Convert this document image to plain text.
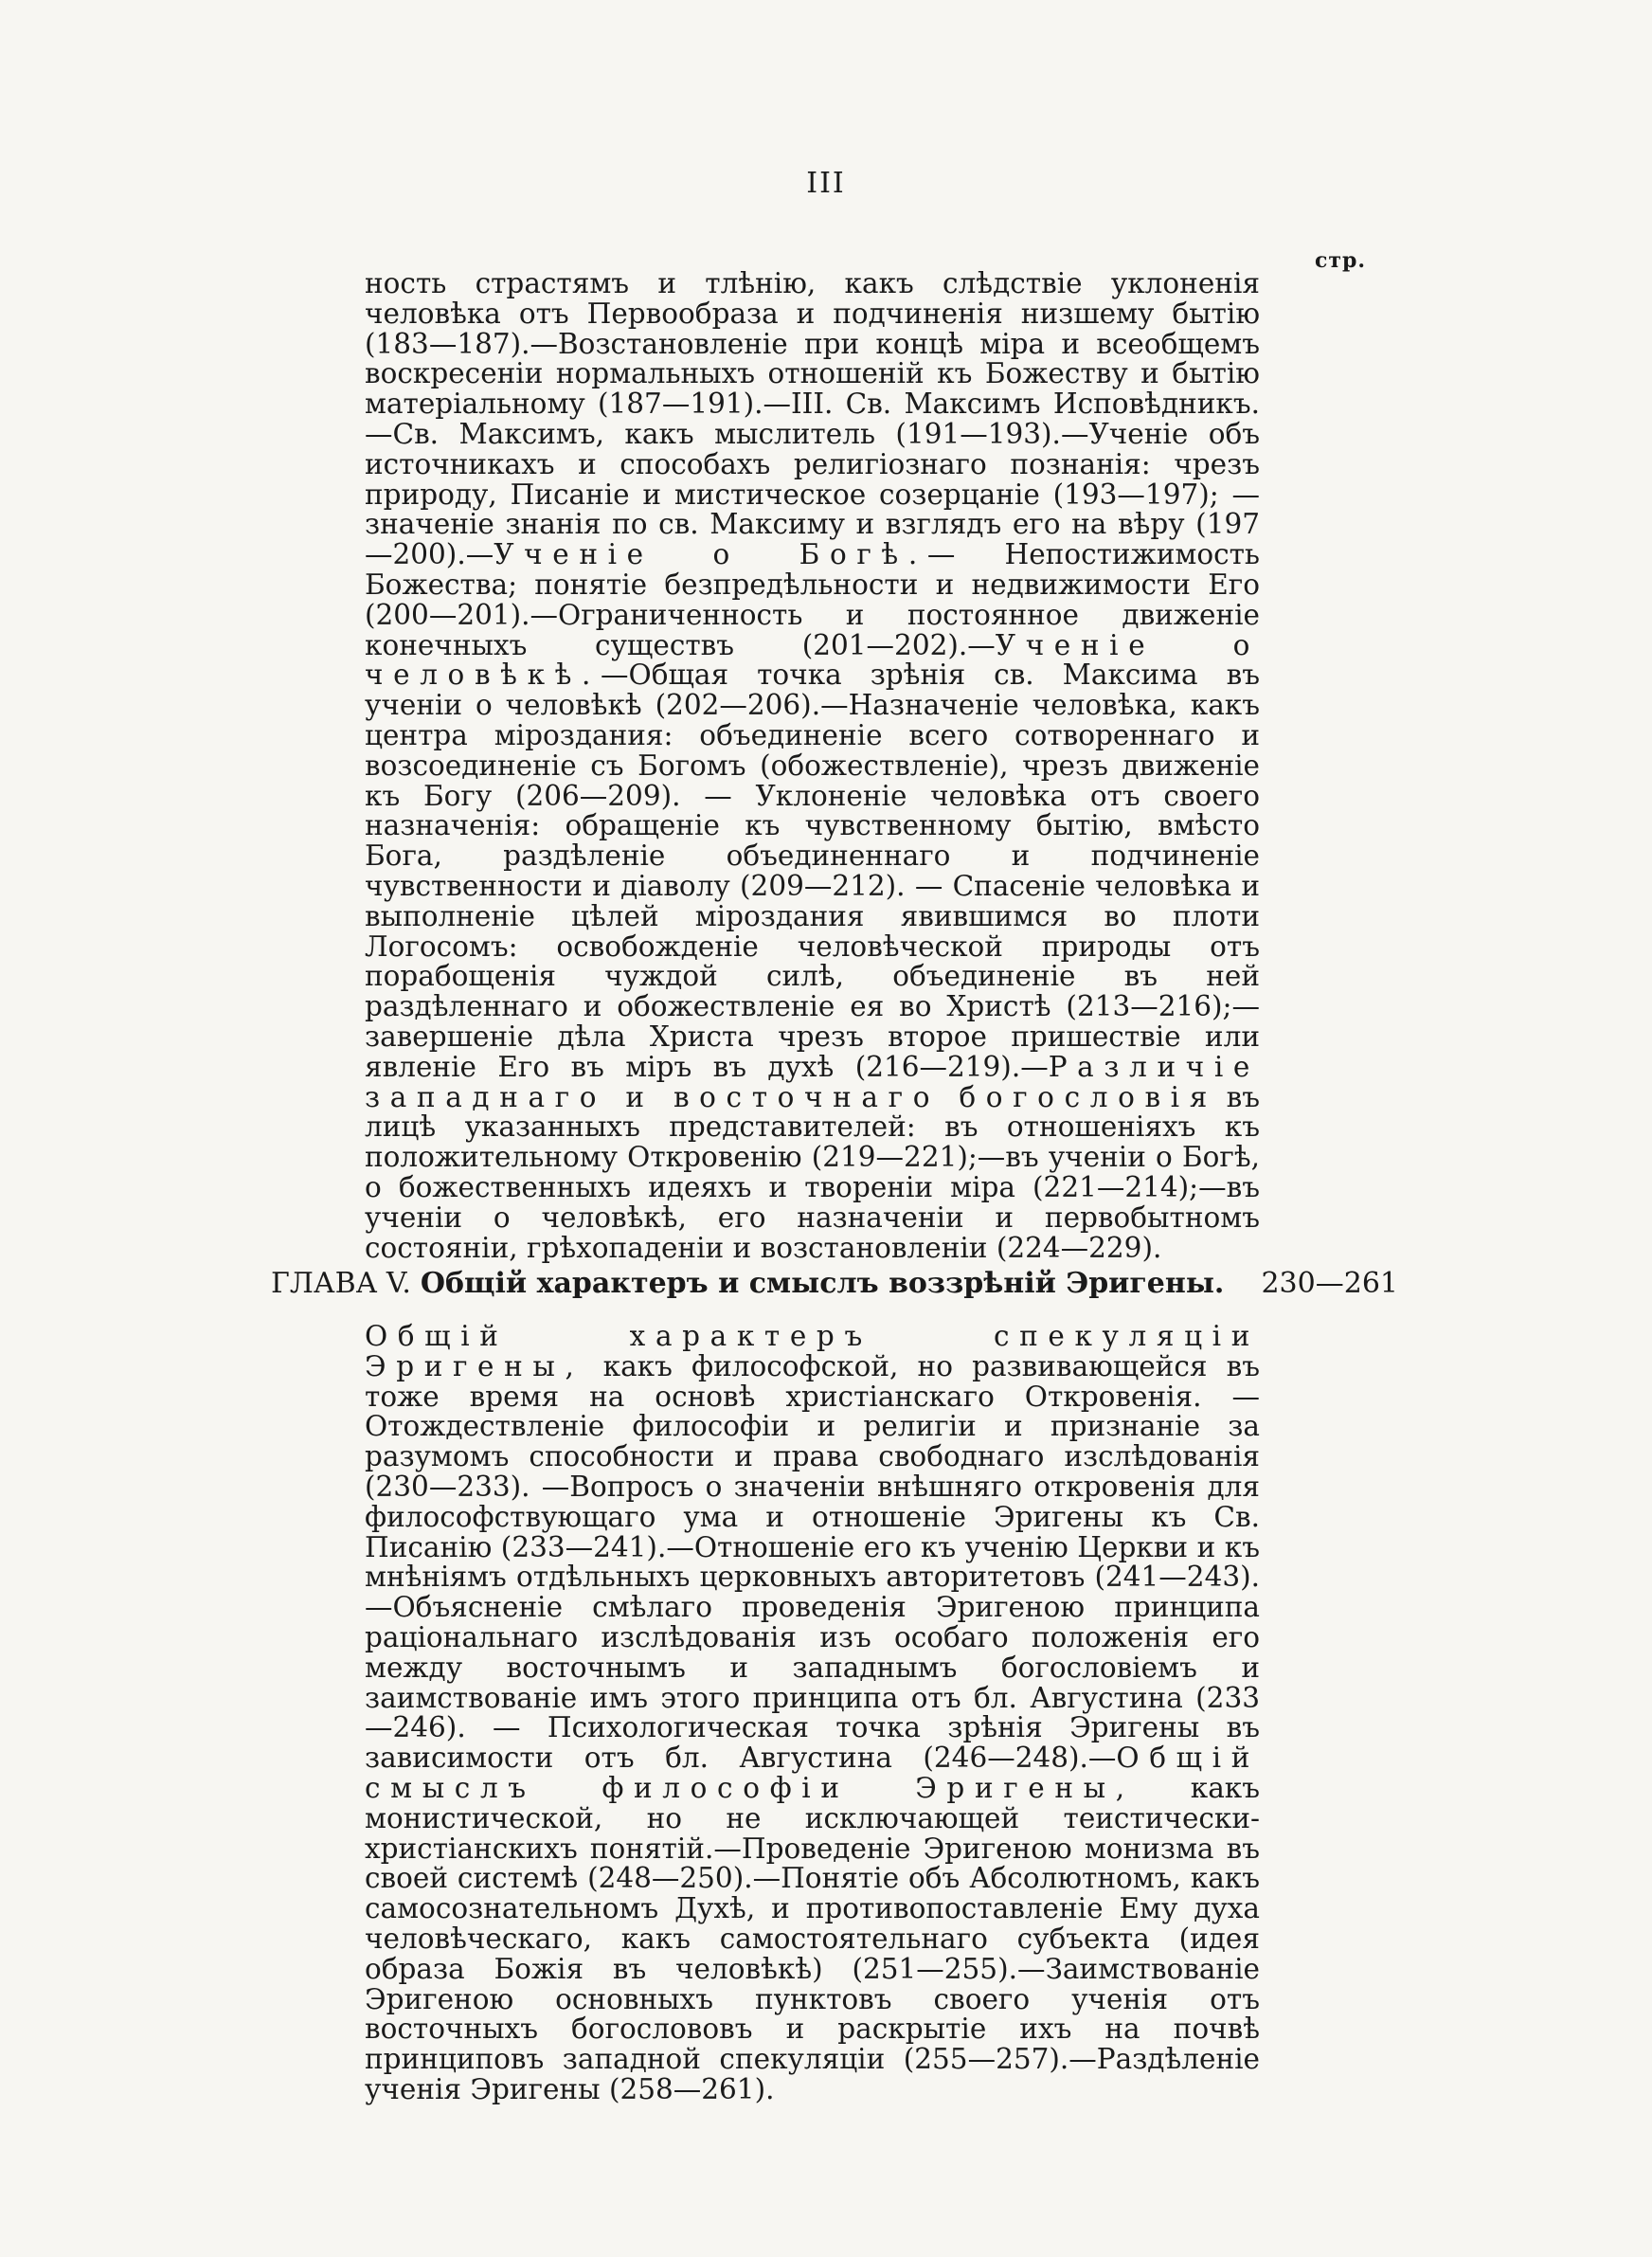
III
стр.
ность страстямъ и тлѣнію, какъ слѣдствіе уклоненія человѣка отъ Первообраза и подчиненія низшему бытію (183—187).—Возстановленіе при концѣ міра и всеобщемъ воскресеніи нормальныхъ отношеній къ Божеству и бытію матеріальному (187—191).—III. Св. Максимъ Исповѣдникъ.—Св. Максимъ, какъ мыслитель (191—193).—Ученіе объ источникахъ и способахъ религіознаго познанія: чрезъ природу, Писаніе и мистическое созерцаніе (193—197); — значеніе знанія по св. Максиму и взглядъ его на вѣру (197—200).—Ученіе о Богѣ.— Непостижимость Божества; понятіе безпредѣльности и недвижимости Его (200—201).—Ограниченность и постоянное движеніе конечныхъ существъ (201—202).—Ученіе о человѣкѣ.—Общая точка зрѣнія св. Максима въ ученіи о человѣкѣ (202—206).—Назначеніе человѣка, какъ центра міроздания: объединеніе всего сотвореннаго и возсоединеніе съ Богомъ (обожествленіе), чрезъ движеніе къ Богу (206—209). — Уклоненіе человѣка отъ своего назначенія: обращеніе къ чувственному бытію, вмѣсто Бога, раздѣленіе объединеннаго и подчиненіе чувственности и діаволу (209—212). — Спасеніе человѣка и выполненіе цѣлей міроздания явившимся во плоти Логосомъ: освобожденіе человѣческой природы отъ порабощенія чуждой силѣ, объединеніе въ ней раздѣленнаго и обожествленіе ея во Христѣ (213—216);—завершеніе дѣла Христа чрезъ второе пришествіе или явленіе Его въ міръ въ духѣ (216—219).—Различіе западнаго и восточнаго богословія въ лицѣ указанныхъ представителей: въ отношеніяхъ къ положительному Откровенію (219—221);—въ ученіи о Богѣ, о божественныхъ идеяхъ и твореніи міра (221—214);—въ ученіи о человѣкѣ, его назначеніи и первобытномъ состояніи, грѣхопаденіи и возстановленіи (224—229).
ГЛАВА V. Общій характеръ и смыслъ воззрѣній Эригены.	230—261
Общій характеръ спекуляціи Эригены, какъ философской, но развивающейся въ тоже время на основѣ христіанскаго Откровенія. — Отождествленіе философіи и религіи и признаніе за разумомъ способности и права свободнаго изслѣдованія (230—233). —Вопросъ о значеніи внѣшняго откровенія для философствующаго ума и отношеніе Эригены къ Св. Писанію (233—241).—Отношеніе его къ ученію Церкви и къ мнѣніямъ отдѣльныхъ церковныхъ авторитетовъ (241—243).—Объясненіе смѣлаго проведенія Эригеною принципа раціональнаго изслѣдованія изъ особаго положенія его между восточнымъ и западнымъ богословіемъ и заимствованіе имъ этого принципа отъ бл. Августина (233—246). — Психологическая точка зрѣнія Эригены въ зависимости отъ бл. Августина (246—248).—Общій смыслъ философіи Эригены, какъ монистической, но не исключающей теистически-христіанскихъ понятій.—Проведеніе Эригеною монизма въ своей системѣ (248—250).—Понятіе объ Абсолютномъ, какъ самосознательномъ Духѣ, и противопоставленіе Ему духа человѣческаго, какъ самостоятельнаго субъекта (идея образа Божія въ человѣкѣ) (251—255).—Заимствованіе Эригеною основныхъ пунктовъ своего ученія отъ восточныхъ богослововъ и раскрытіе ихъ на почвѣ принциповъ западной спекуляціи (255—257).—Раздѣленіе ученія Эригены (258—261).
